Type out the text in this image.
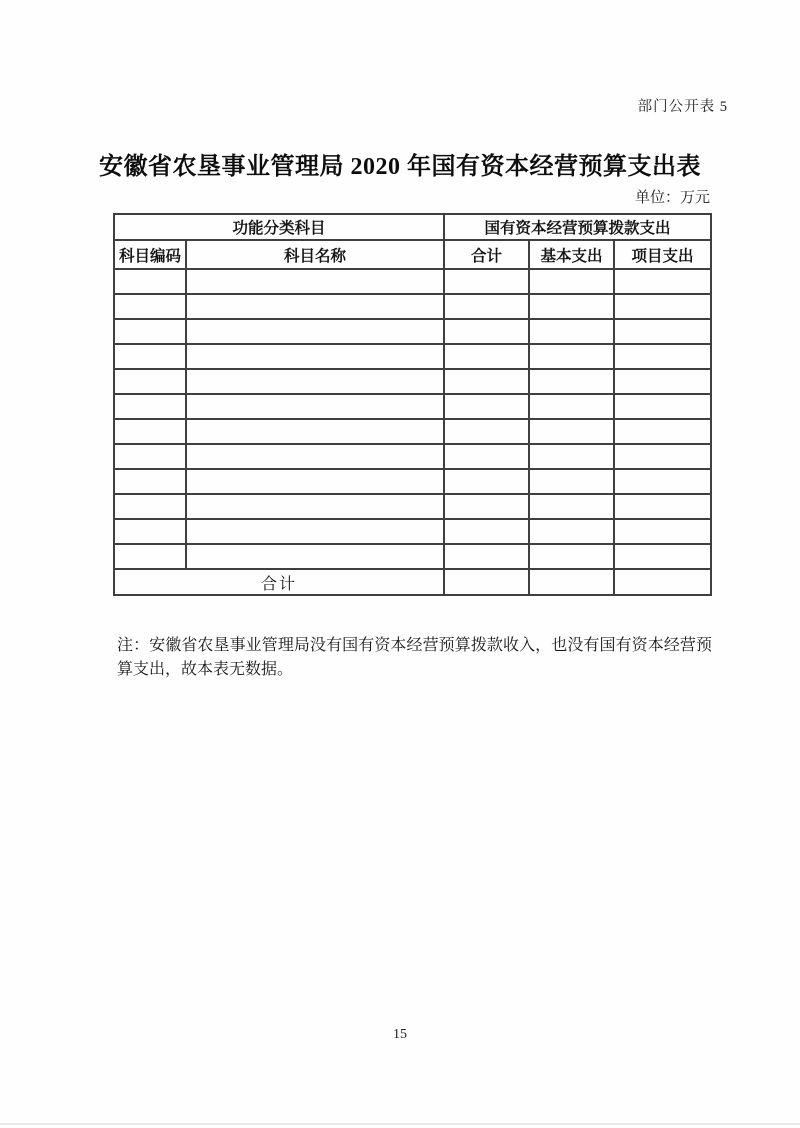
部门公开表 5
安徽省农垦事业管理局 2020 年国有资本经营预算支出表
单位：万元
功能分类科目		国有资本经营预算拨款支出		
科目编码	科目名称	合计	基本支出	项目支出

合计				
注：安徽省农垦事业管理局没有国有资本经营预算拨款收入，也没有国有资本经营预算支出，故本表无数据。
15
